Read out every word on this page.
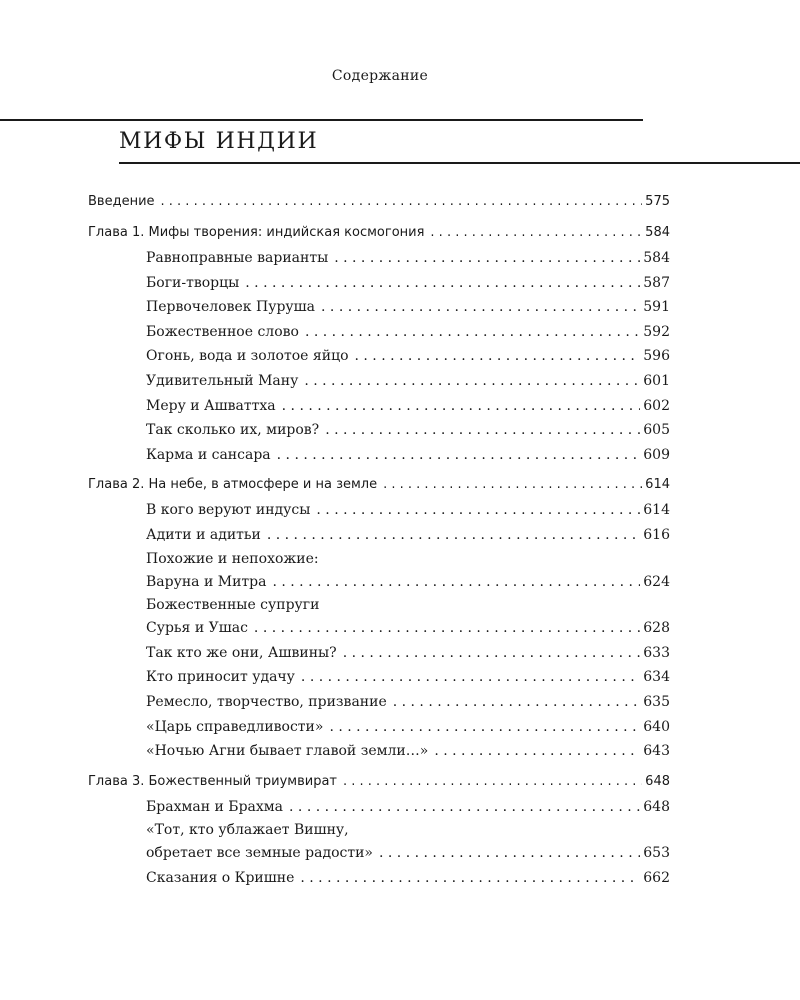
Содержание
МИФЫ ИНДИИ
Введение . . .	575
Глава 1. Мифы творения: индийская космогония . . .	584
Равноправные варианты . . .	584
Боги-творцы . . .	587
Первочеловек Пуруша . . .	591
Божественное слово . . .	592
Огонь, вода и золотое яйцо . . .	596
Удивительный Ману . . .	601
Меру и Ашваттха . . .	602
Так сколько их, миров? . . .	605
Карма и сансара . . .	609
Глава 2. На небе, в атмосфере и на земле . . .	614
В кого веруют индусы . . .	614
Адити и адитьи . . .	616
Похожие и непохожие:
Варуна и Митра . . .	624
Божественные супруги
Сурья и Ушас . . .	628
Так кто же они, Ашвины? . . .	633
Кто приносит удачу . . .	634
Ремесло, творчество, призвание . . .	635
«Царь справедливости» . . .	640
«Ночью Агни бывает главой земли…» . . .	643
Глава 3. Божественный триумвират . . .	648
Брахман и Брахма . . .	648
«Тот, кто ублажает Вишну,
обретает все земные радости» . . .	653
Сказания о Кришне . . .	662
